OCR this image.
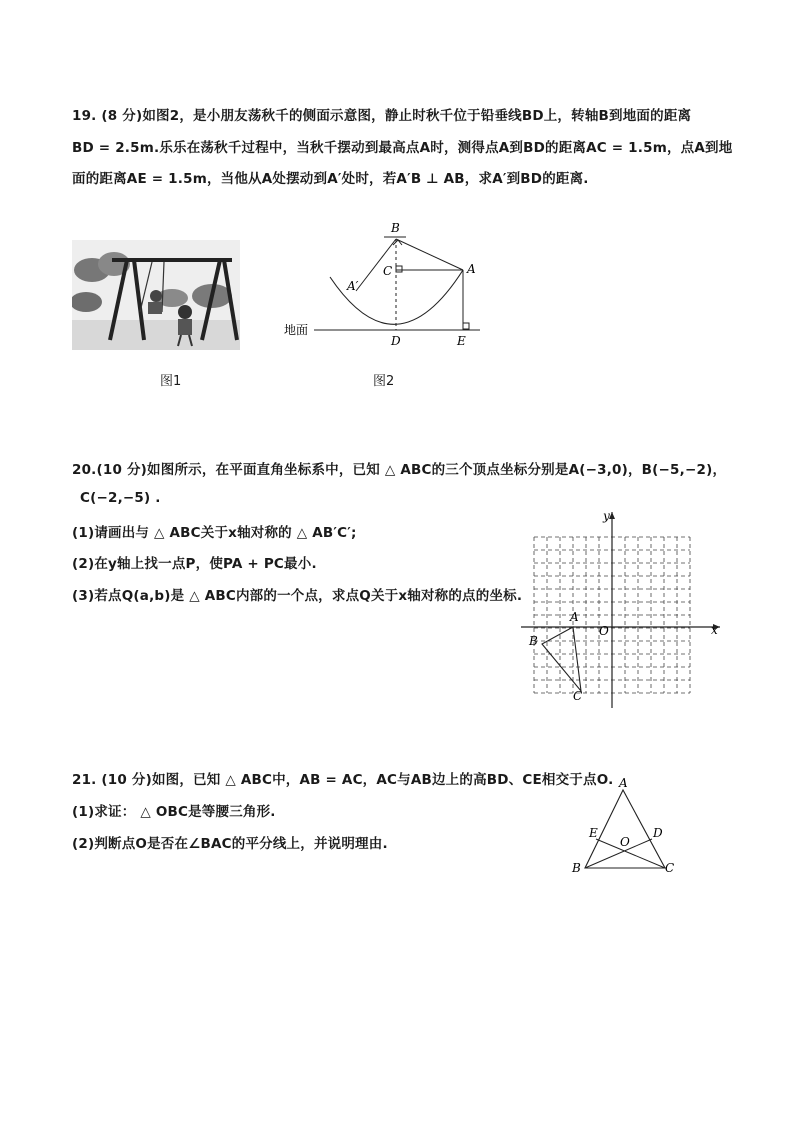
19. (8 分)如图2，是小朋友荡秋千的侧面示意图，静止时秋千位于铅垂线BD上，转轴B到地面的距离
BD = 2.5m.乐乐在荡秋千过程中，当秋千摆动到最高点A时，测得点A到BD的距离AC = 1.5m，点A到地
面的距离AE = 1.5m，当他从A处摆动到A′处时，若A′B ⊥ AB，求A′到BD的距离.
B
C	A
A′
D	E
地面
图1	图2
20.(10 分)如图所示，在平面直角坐标系中，已知 △ ABC的三个顶点坐标分别是A(−3,0)，B(−5,−2)，
C(−2,−5) .
(1)请画出与 △ ABC关于x轴对称的 △ AB′C′;
(2)在y轴上找一点P，使PA + PC最小.
(3)若点Q(a,b)是 △ ABC内部的一个点，求点Q关于x轴对称的点的坐标.
x
y
O
A
B
C
21. (10 分)如图，已知 △ ABC中，AB = AC，AC与AB边上的高BD、CE相交于点O.
(1)求证： △ OBC是等腰三角形.
(2)判断点O是否在∠BAC的平分线上，并说明理由.
A
B	C
D
E
O
